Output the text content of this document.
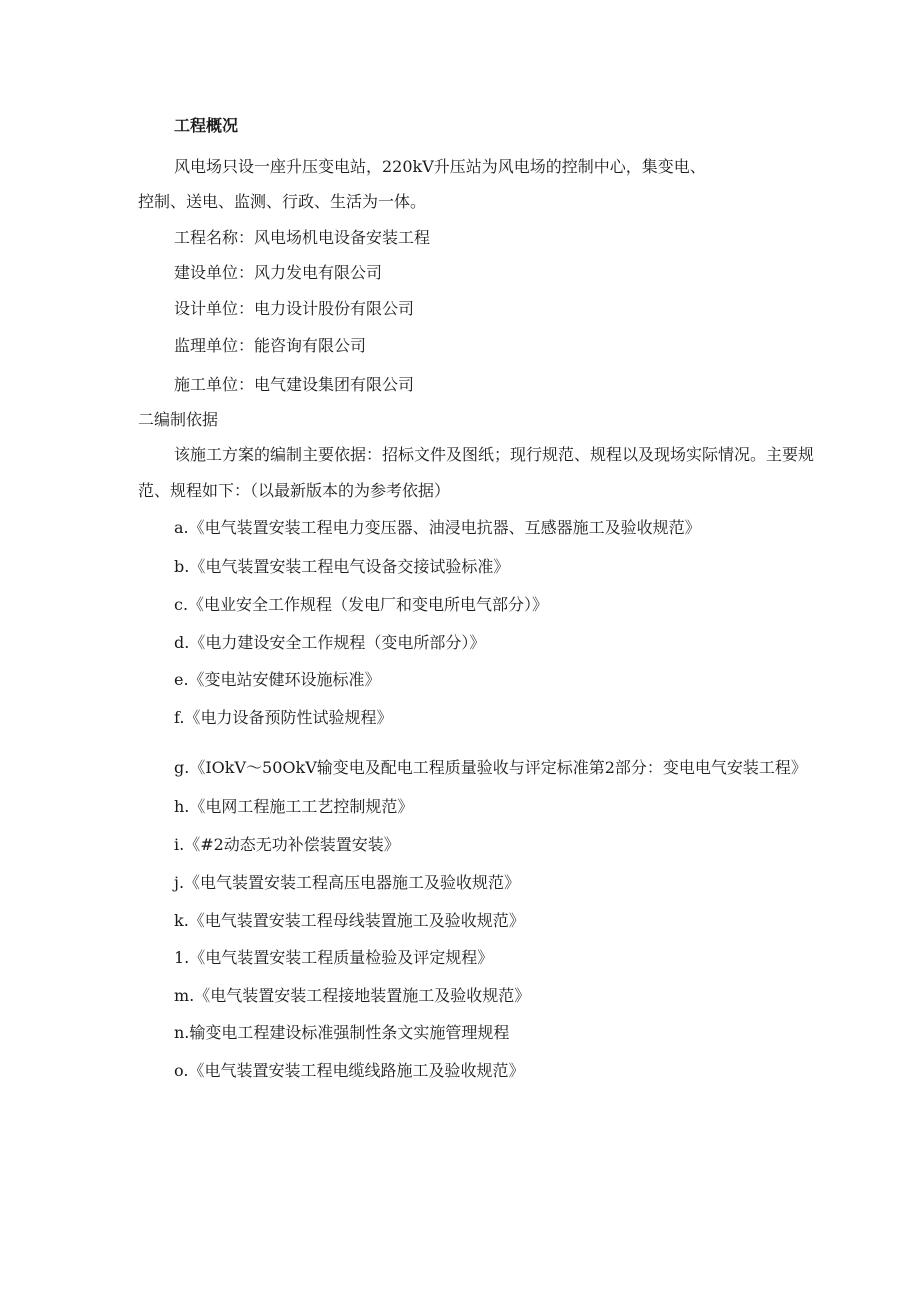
工程概况
风电场只设一座升压变电站，220kV升压站为风电场的控制中心，集变电、
控制、送电、监测、行政、生活为一体。
工程名称：风电场机电设备安装工程
建设单位：风力发电有限公司
设计单位：电力设计股份有限公司
监理单位：能咨询有限公司
施工单位：电气建设集团有限公司
二编制依据
该施工方案的编制主要依据：招标文件及图纸；现行规范、规程以及现场实际情况。主要规
范、规程如下：（以最新版本的为参考依据）
a.《电气装置安装工程电力变压器、油浸电抗器、互感器施工及验收规范》
b.《电气装置安装工程电气设备交接试验标准》
c.《电业安全工作规程（发电厂和变电所电气部分）》
d.《电力建设安全工作规程（变电所部分）》
e.《变电站安健环设施标准》
f.《电力设备预防性试验规程》
g.《IOkV～50OkV输变电及配电工程质量验收与评定标准第2部分：变电电气安装工程》
h.《电网工程施工工艺控制规范》
i.《#2动态无功补偿装置安装》
j.《电气装置安装工程高压电器施工及验收规范》
k.《电气装置安装工程母线装置施工及验收规范》
1.《电气装置安装工程质量检验及评定规程》
m.《电气装置安装工程接地装置施工及验收规范》
n.输变电工程建设标准强制性条文实施管理规程
o.《电气装置安装工程电缆线路施工及验收规范》
